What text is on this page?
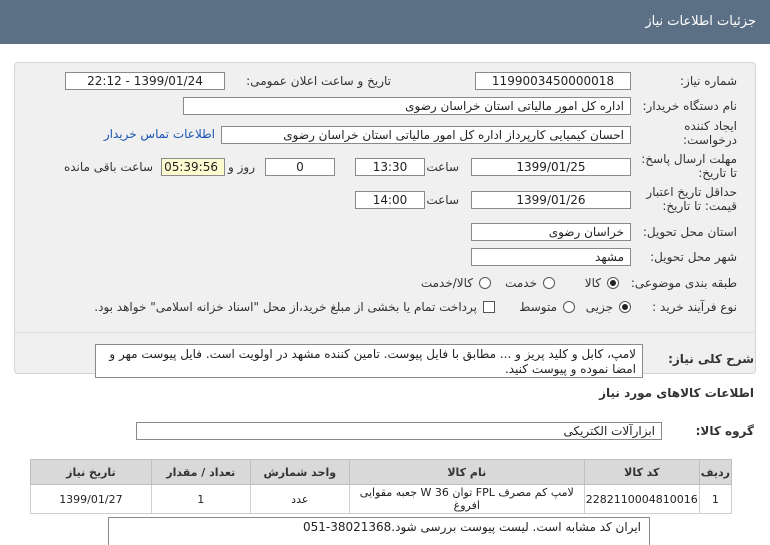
جزئیات اطلاعات نیاز
شماره نیاز:
1199003450000018
تاریخ و ساعت اعلان عمومی:
1399/01/24 - 22:12
نام دستگاه خریدار:
اداره کل امور مالیاتی استان خراسان رضوی
ایجاد کننده
درخواست:
احسان کیمیایی کارپرداز اداره کل امور مالیاتی استان خراسان رضوی
اطلاعات تماس خریدار
مهلت ارسال پاسخ:
تا تاریخ:
1399/01/25
ساعت
13:30
0
روز و
05:39:56
ساعت باقی مانده
حداقل تاریخ اعتبار
قیمت: تا تاریخ:
1399/01/26
ساعت
14:00
استان محل تحویل:
خراسان رضوی
شهر محل تحویل:
مشهد
طبقه بندی موضوعی:
کالا
خدمت
کالا/خدمت
نوع فرآیند خرید :
جزیی
متوسط
پرداخت تمام یا بخشی از مبلغ خرید،از محل "اسناد خزانه اسلامی" خواهد بود.
شرح کلی نیاز:
لامپ، کابل و کلید پریز و ... مطابق با فایل پیوست. تامین کننده مشهد در اولویت است. فایل پیوست مهر و امضا نموده و پیوست کنید.
اطلاعات کالاهای مورد نیاز
گروه کالا:
ابزارآلات الکتریکی
ردیف	کد کالا	نام کالا	واحد شمارش	تعداد / مقدار	تاریخ نیاز
1	2282110004810016	لامپ کم مصرف FPL توان 36 W جعبه مقوایی افروغ	عدد	1	1399/01/27
ایران کد مشابه است. لیست پیوست بررسی شود.38021368-051
